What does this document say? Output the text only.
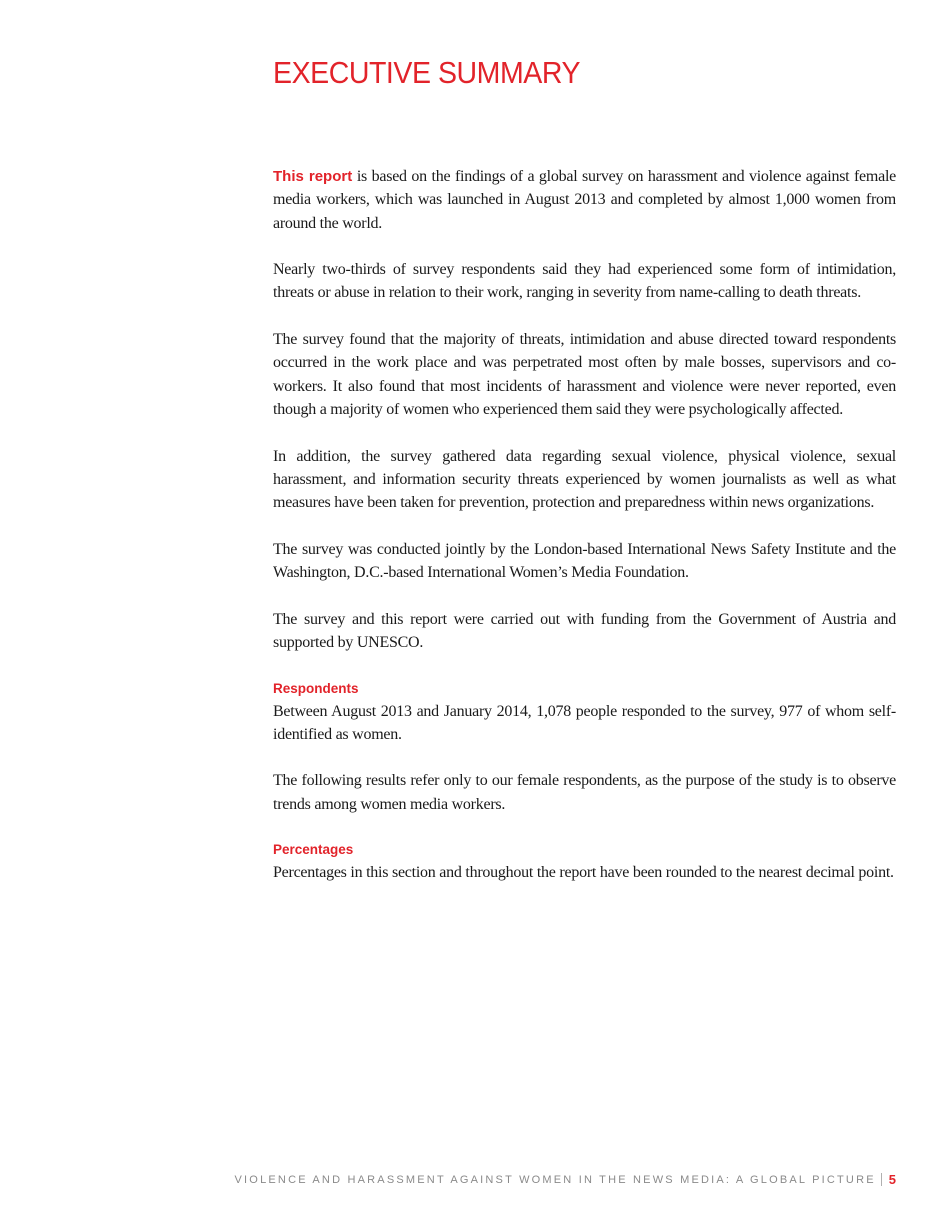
EXECUTIVE SUMMARY

This report is based on the findings of a global survey on harassment and violence against female media workers, which was launched in August 2013 and completed by almost 1,000 women from around the world.

Nearly two-thirds of survey respondents said they had experienced some form of intimidation, threats or abuse in relation to their work, ranging in severity from name-calling to death threats.

The survey found that the majority of threats, intimidation and abuse directed toward respondents occurred in the work place and was perpetrated most often by male bosses, supervisors and co-workers. It also found that most incidents of harassment and violence were never reported, even though a majority of women who experienced them said they were psychologically affected.

In addition, the survey gathered data regarding sexual violence, physical violence, sexual harassment, and information security threats experienced by women journalists as well as what measures have been taken for prevention, protection and preparedness within news organizations.

The survey was conducted jointly by the London-based International News Safety Institute and the Washington, D.C.-based International Women’s Media Foundation.

The survey and this report were carried out with funding from the Government of Austria and supported by UNESCO.

Respondents

Between August 2013 and January 2014, 1,078 people responded to the survey, 977 of whom self-identified as women.

The following results refer only to our female respondents, as the purpose of the study is to observe trends among women media workers.

Percentages

Percentages in this section and throughout the report have been rounded to the nearest decimal point.

VIOLENCE AND HARASSMENT AGAINST WOMEN IN THE NEWS MEDIA: A GLOBAL PICTURE 5
